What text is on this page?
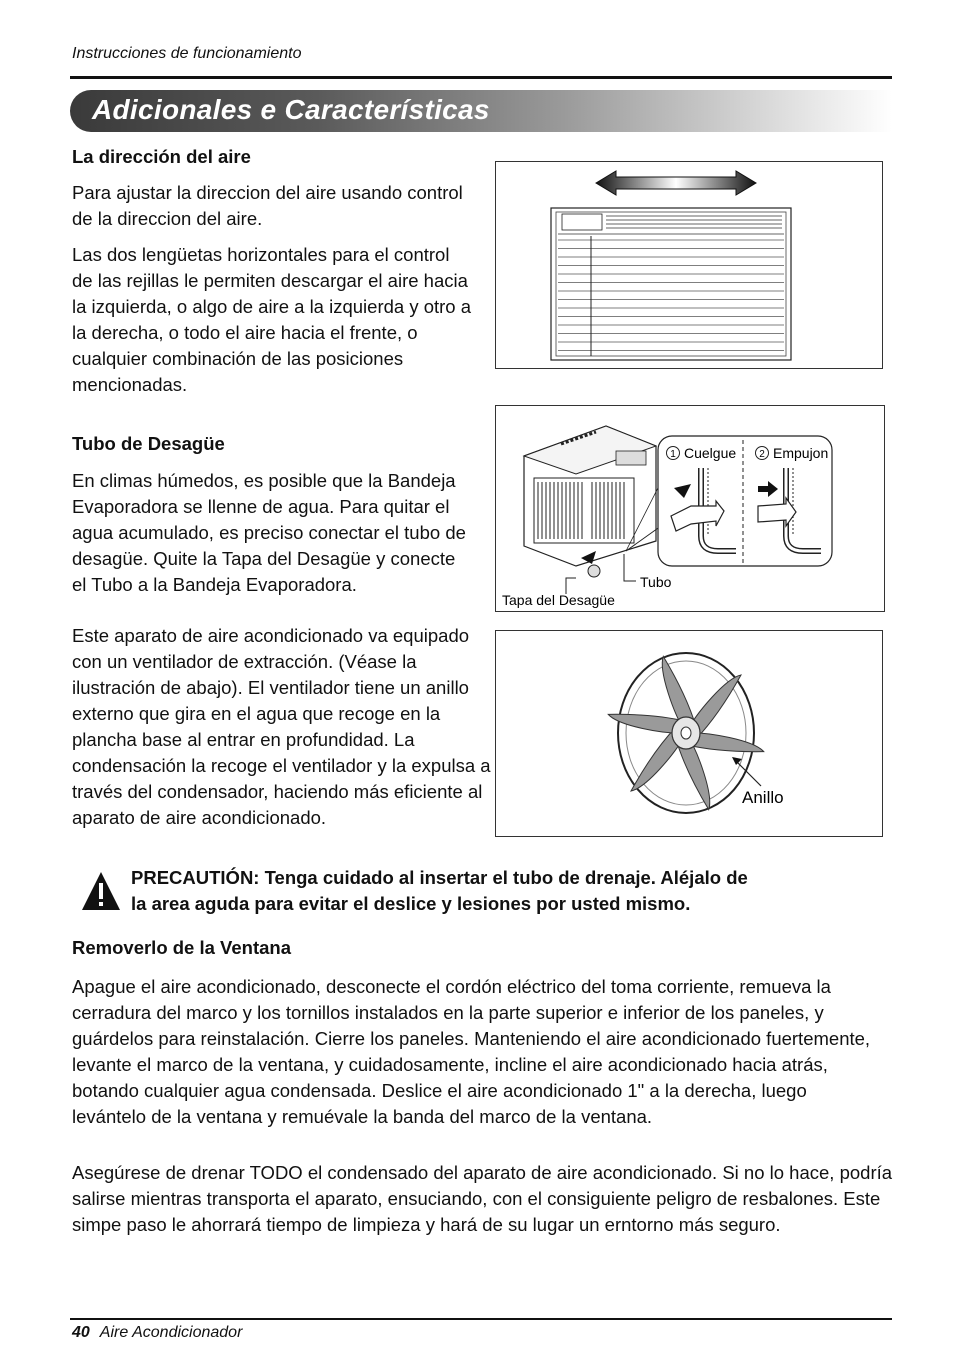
Instrucciones de funcionamiento
Adicionales e Características
La dirección del aire

Para ajustar la direccion del aire usando control de la direccion del aire.

Las dos lengüetas horizontales para el control de las rejillas le permiten descargar el aire hacia la izquierda, o algo de aire a la izquierda y otro a la derecha, o todo el aire hacia el frente, o cualquier combinación de las posiciones mencionadas.

Tubo de Desagüe

En climas húmedos, es posible que la Bandeja Evaporadora se llenne de agua. Para quitar el agua acumulado, es preciso conectar el tubo de desagüe. Quite la Tapa del Desagüe y conecte el Tubo a la Bandeja Evaporadora.

Este aparato de aire acondicionado va equipado con un ventilador de extracción. (Véase la ilustración de abajo). El ventilador tiene un anillo externo que gira en el agua que recoge en la plancha base al entrar en profundidad. La condensación la recoge el ventilador y la expulsa a través del condensador, haciendo más eficiente al aparato de aire acondicionado.

1 Cuelgue 2 Empujon
Tubo
Tapa del Desagüe
Anillo
PRECAUTIÓN: Tenga cuidado al insertar el tubo de drenaje. Aléjalo de
la area aguda para evitar el deslice y lesiones por usted mismo.
Removerlo de la Ventana

Apague el aire acondicionado, desconecte el cordón eléctrico del toma corriente, remueva la cerradura del marco y los tornillos instalados en la parte superior e inferior de los paneles, y guárdelos para reinstalación. Cierre los paneles. Manteniendo el aire acondicionado fuertemente, levante el marco de la ventana, y cuidadosamente, incline el aire acondicionado hacia atrás, botando cualquier agua condensada. Deslice el aire acondicionado 1" a la derecha, luego levántelo de la ventana y remuévale la banda del marco de la ventana.

Asegúrese de drenar TODO el condensado del aparato de aire acondicionado. Si no lo hace, podría salirse mientras transporta el aparato, ensuciando, con el consiguiente peligro de resbalones. Este simpe paso le ahorrará tiempo de limpieza y hará de su lugar un erntorno más seguro.

40 Aire Acondicionador
